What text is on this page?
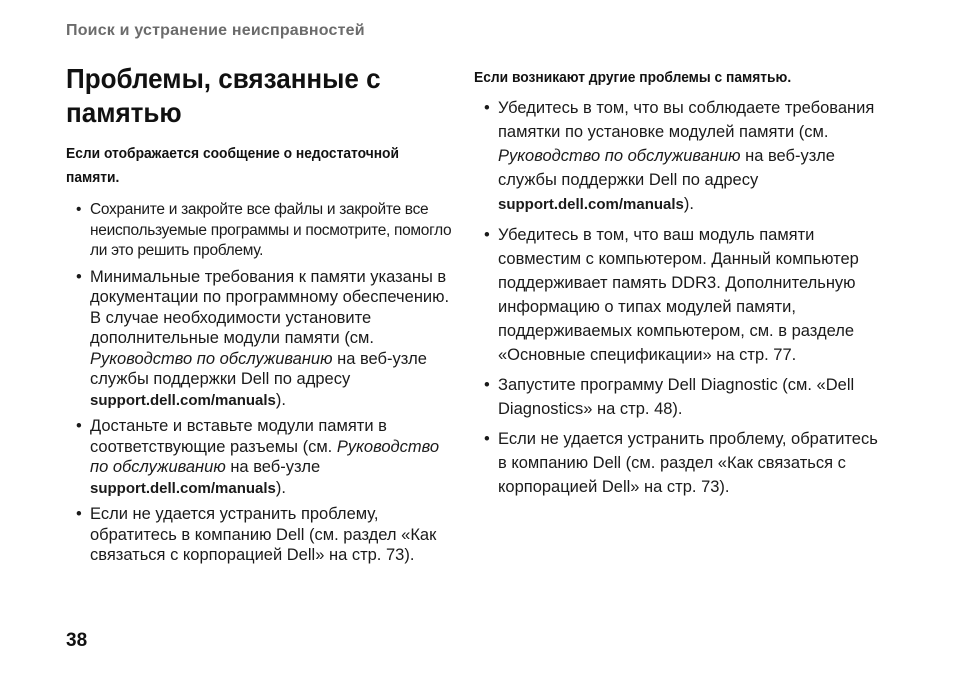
Поиск и устранение неисправностей
Проблемы, связанные с памятью
Если отображается сообщение о недостаточной памяти.
• Сохраните и закройте все файлы и закройте все неиспользуемые программы и посмотрите, помогло ли это решить проблему.
• Минимальные требования к памяти указаны в документации по программному обеспечению. В случае необходимости установите дополнительные модули памяти (см. Руководство по обслуживанию на веб-узле службы поддержки Dell по адресу support.dell.com/manuals).
• Достаньте и вставьте модули памяти в соответствующие разъемы (см. Руководство по обслуживанию на веб-узле support.dell.com/manuals).
• Если не удается устранить проблему, обратитесь в компанию Dell (см. раздел «Как связаться с корпорацией Dell» на стр. 73).
Если возникают другие проблемы с памятью.
• Убедитесь в том, что вы соблюдаете требования памятки по установке модулей памяти (см. Руководство по обслуживанию на веб-узле службы поддержки Dell по адресу support.dell.com/manuals).
• Убедитесь в том, что ваш модуль памяти совместим с компьютером. Данный компьютер поддерживает память DDR3. Дополнительную информацию о типах модулей памяти, поддерживаемых компьютером, см. в разделе «Основные спецификации» на стр. 77.
• Запустите программу Dell Diagnostic (см. «Dell Diagnostics» на стр. 48).
• Если не удается устранить проблему, обратитесь в компанию Dell (см. раздел «Как связаться с корпорацией Dell» на стр. 73).
38
